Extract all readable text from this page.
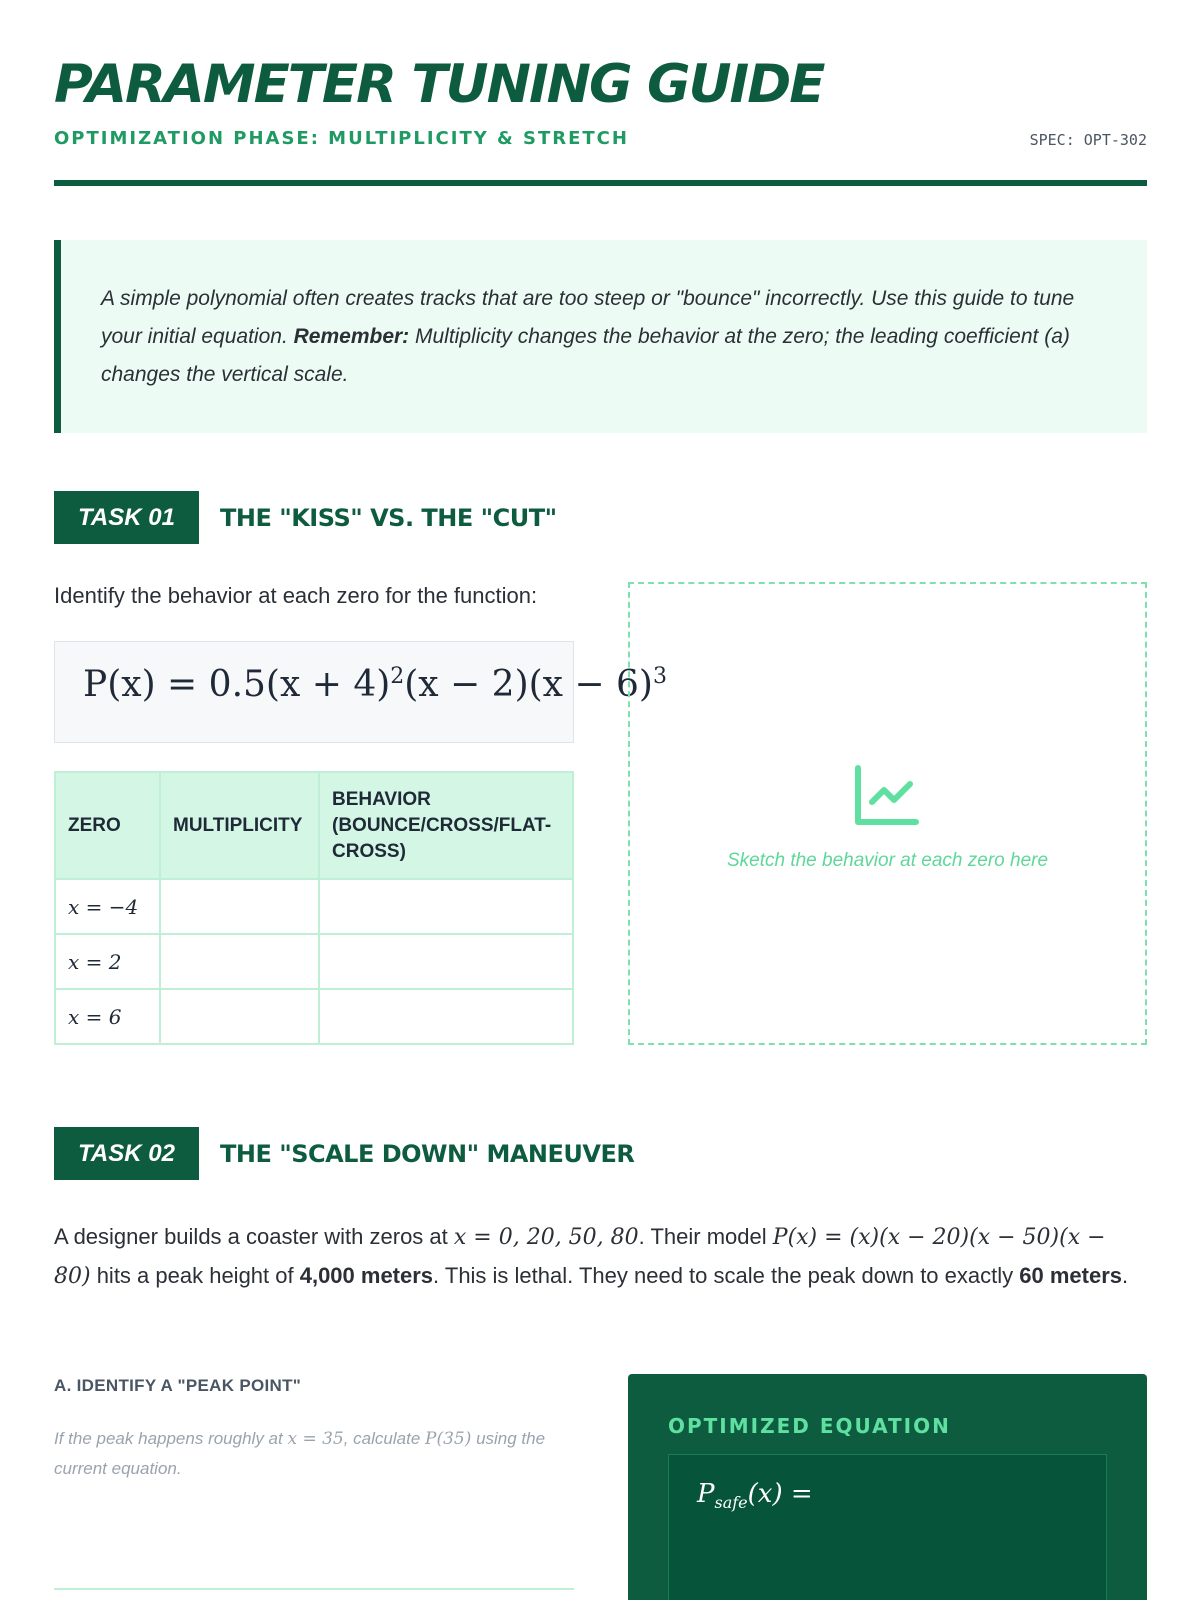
PARAMETER TUNING GUIDE
OPTIMIZATION PHASE: MULTIPLICITY & STRETCH	SPEC: OPT-302

A simple polynomial often creates tracks that are too steep or "bounce" incorrectly. Use this guide to tune your initial equation. Remember: Multiplicity changes the behavior at the zero; the leading coefficient (a) changes the vertical scale.

TASK 01	THE "KISS" VS. THE "CUT"
Identify the behavior at each zero for the function:
$P(x) = 0.5(x + 4)^2(x - 2)(x - 6)^3$
ZERO	MULTIPLICITY	BEHAVIOR (BOUNCE/CROSS/FLAT-CROSS)
x = −4		
x = 2		
x = 6		
Sketch the behavior at each zero here
TASK 02	THE "SCALE DOWN" MANEUVER

A designer builds a coaster with zeros at x = 0, 20, 50, 80. Their model P(x) = (x)(x − 20)(x − 50)(x − 80) hits a peak height of 4,000 meters. This is lethal. They need to scale the peak down to exactly 60 meters.

A. IDENTIFY A "PEAK POINT"

If the peak happens roughly at x = 35, calculate P(35) using the current equation.

OPTIMIZED EQUATION
$P_{safe}(x)$ =
